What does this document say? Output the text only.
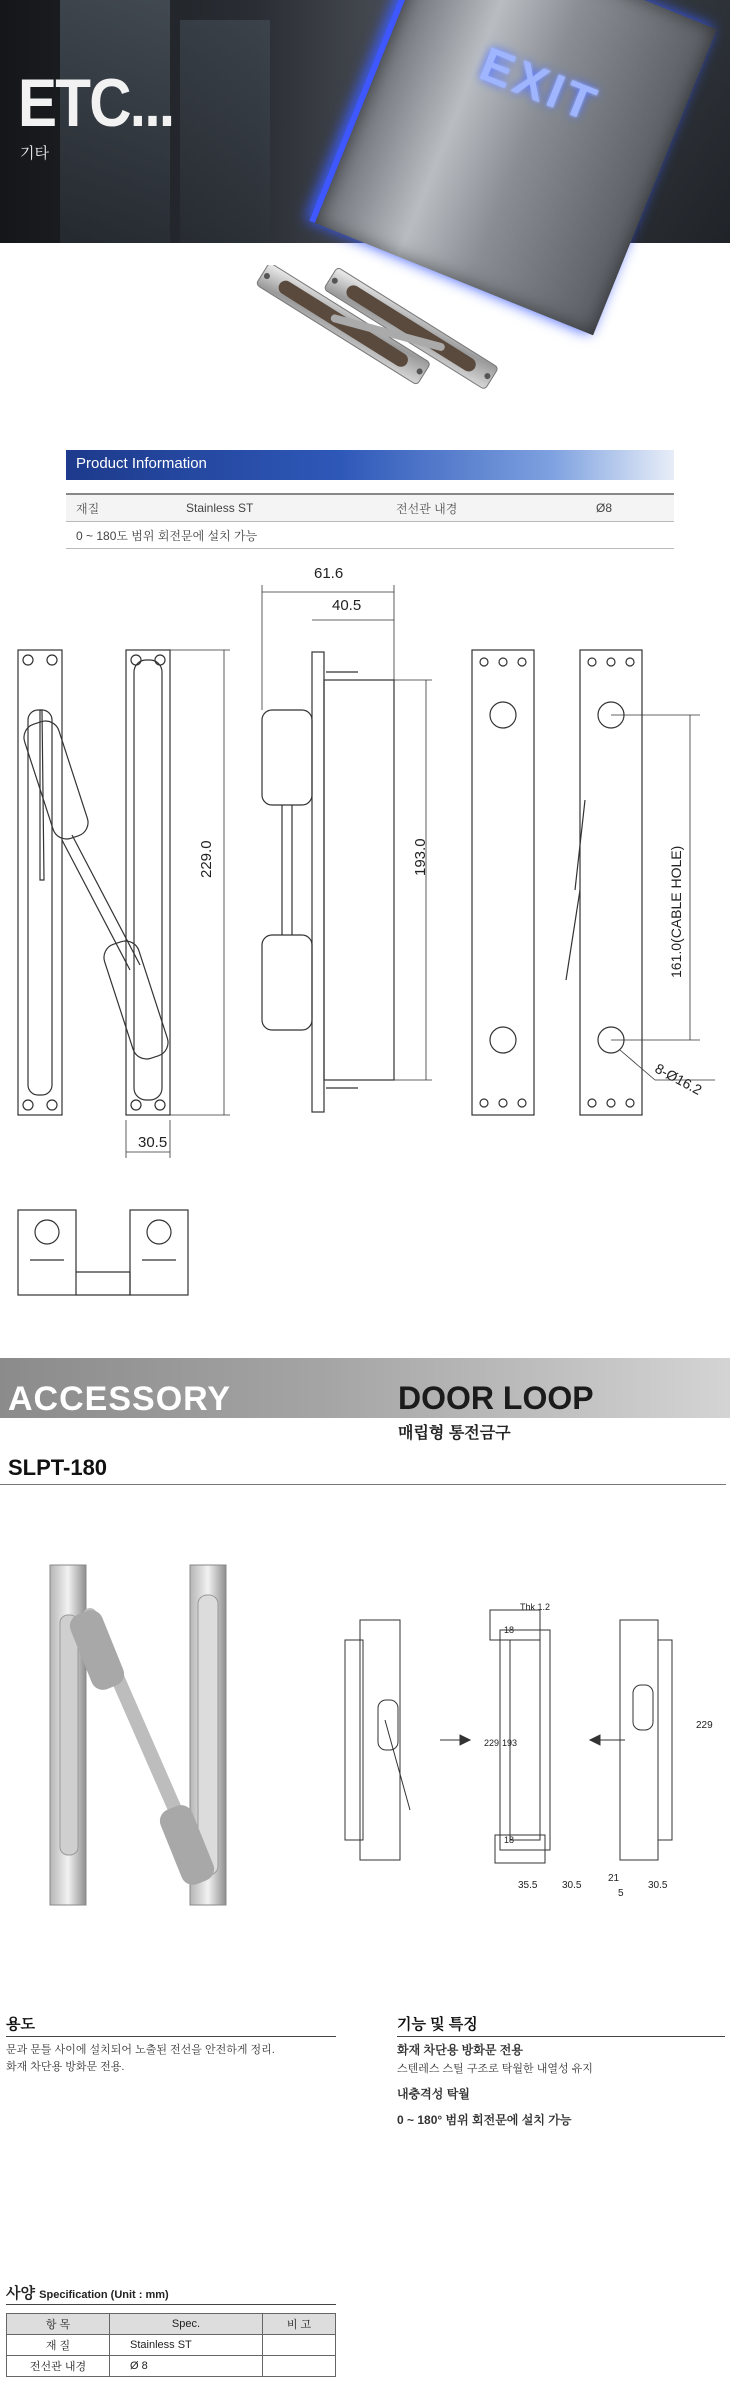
EXIT
ETC...
기타
Product Information
재질	Stainless ST	전선관 내경	Ø8
0 ~ 180도 범위 회전문에 설치 가능
61.6
40.5
229.0	193.0	161.0(CABLE HOLE)
8-Ø16.2
30.5
ACCESSORY	DOOR LOOP
매립형 통전금구
SLPT-180
Thk 1.2
18
229 193
18
35.5 30.5
21
5
30.5
229
용도
문과 문틀 사이에 설치되어 노출된 전선을 안전하게 정리.
화재 차단용 방화문 전용.
기능 및 특징
화재 차단용 방화문 전용
스텐레스 스틸 구조로 탁월한 내열성 유지
내충격성 탁월
0 ~ 180° 범위 회전문에 설치 가능
사양 Specification (Unit : mm)
항 목	Spec.	비 고
재 질	Stainless ST	
전선관 내경	Ø 8	
